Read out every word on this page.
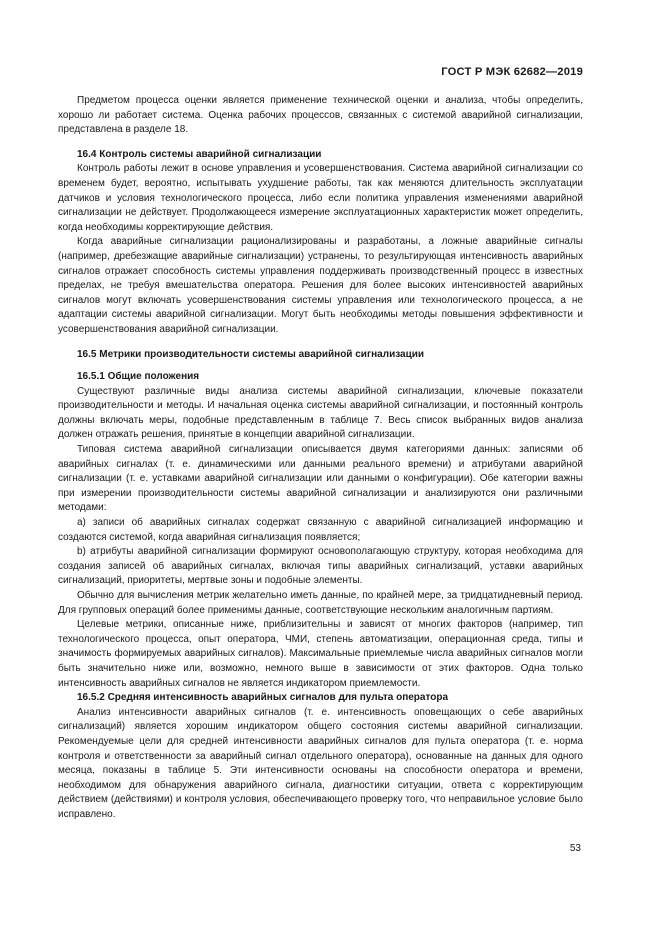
ГОСТ Р МЭК 62682—2019

Предметом процесса оценки является применение технической оценки и анализа, чтобы определить, хорошо ли работает система. Оценка рабочих процессов, связанных с системой аварийной сигнализации, представлена в разделе 18.

16.4 Контроль системы аварийной сигнализации

Контроль работы лежит в основе управления и усовершенствования. Система аварийной сигнализации со временем будет, вероятно, испытывать ухудшение работы, так как меняются длительность эксплуатации датчиков и условия технологического процесса, либо если политика управления изменениями аварийной сигнализации не действует. Продолжающееся измерение эксплуатационных характеристик может определить, когда необходимы корректирующие действия.

Когда аварийные сигнализации рационализированы и разработаны, а ложные аварийные сигналы (например, дребезжащие аварийные сигнализации) устранены, то результирующая интенсивность аварийных сигналов отражает способность системы управления поддерживать производственный процесс в известных пределах, не требуя вмешательства оператора. Решения для более высоких интенсивностей аварийных сигналов могут включать усовершенствования системы управления или технологического процесса, а не адаптации системы аварийной сигнализации. Могут быть необходимы методы повышения эффективности и усовершенствования аварийной сигнализации.

16.5 Метрики производительности системы аварийной сигнализации
16.5.1 Общие положения

Существуют различные виды анализа системы аварийной сигнализации, ключевые показатели производительности и методы. И начальная оценка системы аварийной сигнализации, и постоянный контроль должны включать меры, подобные представленным в таблице 7. Весь список выбранных видов анализа должен отражать решения, принятые в концепции аварийной сигнализации.

Типовая система аварийной сигнализации описывается двумя категориями данных: записями об аварийных сигналах (т. е. динамическими или данными реального времени) и атрибутами аварийной сигнализации (т. е. уставками аварийной сигнализации или данными о конфигурации). Обе категории важны при измерении производительности системы аварийной сигнализации и анализируются они различными методами:

a) записи об аварийных сигналах содержат связанную с аварийной сигнализацией информацию и создаются системой, когда аварийная сигнализация появляется;

b) атрибуты аварийной сигнализации формируют основополагающую структуру, которая необходима для создания записей об аварийных сигналах, включая типы аварийных сигнализаций, уставки аварийных сигнализаций, приоритеты, мертвые зоны и подобные элементы.

Обычно для вычисления метрик желательно иметь данные, по крайней мере, за тридцатидневный период. Для групповых операций более применимы данные, соответствующие нескольким аналогичным партиям.

Целевые метрики, описанные ниже, приблизительны и зависят от многих факторов (например, тип технологического процесса, опыт оператора, ЧМИ, степень автоматизации, операционная среда, типы и значимость формируемых аварийных сигналов). Максимальные приемлемые числа аварийных сигналов могли быть значительно ниже или, возможно, немного выше в зависимости от этих факторов. Одна только интенсивность аварийных сигналов не является индикатором приемлемости.

16.5.2 Средняя интенсивность аварийных сигналов для пульта оператора

Анализ интенсивности аварийных сигналов (т. е. интенсивность оповещающих о себе аварийных сигнализаций) является хорошим индикатором общего состояния системы аварийной сигнализации. Рекомендуемые цели для средней интенсивности аварийных сигналов для пульта оператора (т. е. норма контроля и ответственности за аварийный сигнал отдельного оператора), основанные на данных для одного месяца, показаны в таблице 5. Эти интенсивности основаны на способности оператора и времени, необходимом для обнаружения аварийного сигнала, диагностики ситуации, ответа с корректирующим действием (действиями) и контроля условия, обеспечивающего проверку того, что неправильное условие было исправлено.

53
